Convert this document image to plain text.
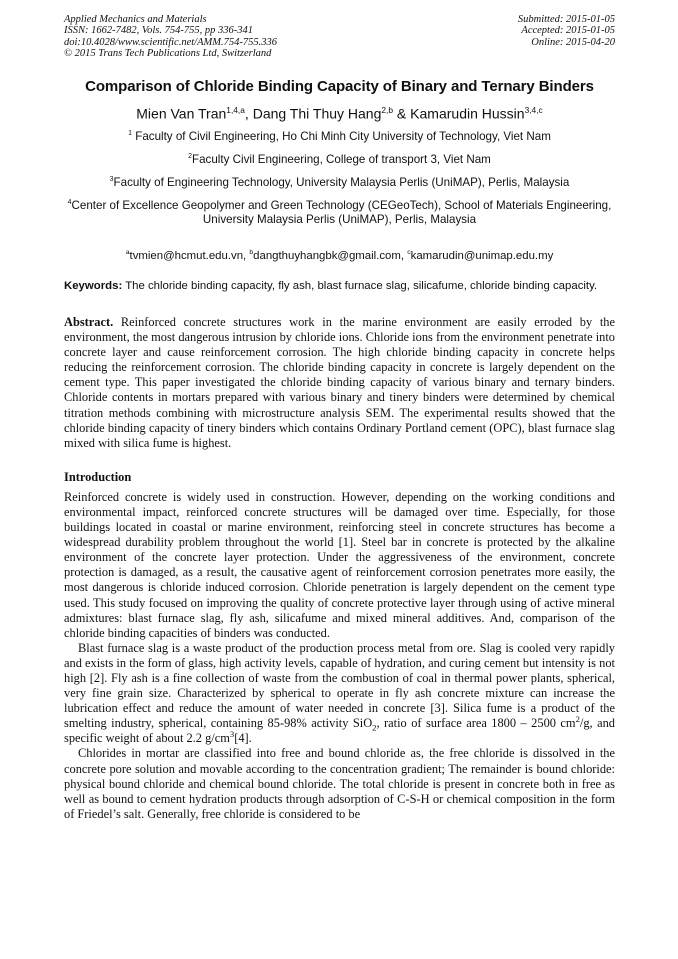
Applied Mechanics and Materials
ISSN: 1662-7482, Vols. 754-755, pp 336-341
doi:10.4028/www.scientific.net/AMM.754-755.336
© 2015 Trans Tech Publications Ltd, Switzerland
Submitted: 2015-01-05
Accepted: 2015-01-05
Online: 2015-04-20
Comparison of Chloride Binding Capacity of Binary and Ternary Binders
Mien Van Tran$^{1,4,a}$, Dang Thi Thuy Hang$^{2,b}$ & Kamarudin Hussin$^{3,4,c}$
$^1$ Faculty of Civil Engineering, Ho Chi Minh City University of Technology, Viet Nam
$^2$Faculty Civil Engineering, College of transport 3, Viet Nam
$^3$Faculty of Engineering Technology, University Malaysia Perlis (UniMAP), Perlis, Malaysia
$^4$Center of Excellence Geopolymer and Green Technology (CEGeoTech), School of Materials Engineering, University Malaysia Perlis (UniMAP), Perlis, Malaysia
$^a$tvmien@hcmut.edu.vn, $^b$dangthuyhangbk@gmail.com, $^c$kamarudin@unimap.edu.my
Keywords: The chloride binding capacity, fly ash, blast furnace slag, silicafume, chloride binding capacity.
Abstract. Reinforced concrete structures work in the marine environment are easily erroded by the environment, the most dangerous intrusion by chloride ions. Chloride ions from the environment penetrate into concrete layer and cause reinforcement corrosion. The high chloride binding capacity in concrete helps reducing the reinforcement corrosion. The chloride binding capacity in concrete is largely dependent on the cement type. This paper investigated the chloride binding capacity of various binary and ternary binders. Chloride contents in mortars prepared with various binary and tinery binders were determined by chemical titration methods combining with microstructure analysis SEM. The experimental results showed that the chloride binding capacity of tinery binders which contains Ordinary Portland cement (OPC), blast furnace slag mixed with silica fume is highest.
Introduction
Reinforced concrete is widely used in construction. However, depending on the working conditions and environmental impact, reinforced concrete structures will be damaged over time. Especially, for those buildings located in coastal or marine environment, reinforcing steel in concrete structures has become a widespread durability problem throughout the world [1]. Steel bar in concrete is protected by the alkaline environment of the concrete layer protection. Under the aggressiveness of the environment, concrete protection is damaged, as a result, the causative agent of reinforcement corrosion penetrates more easily, the most dangerous is chloride induced corrosion. Chloride penetration is largely dependent on the cement type used. This study focused on improving the quality of concrete protective layer through using of active mineral admixtures: blast furnace slag, fly ash, silicafume and mixed mineral additives. And, comparison of the chloride binding capacities of binders was conducted.
Blast furnace slag is a waste product of the production process metal from ore. Slag is cooled very rapidly and exists in the form of glass, high activity levels, capable of hydration, and curing cement but intensity is not high [2]. Fly ash is a fine collection of waste from the combustion of coal in thermal power plants, spherical, very fine grain size. Characterized by spherical to operate in fly ash concrete mixture can increase the lubrication effect and reduce the amount of water needed in concrete [3]. Silica fume is a product of the smelting industry, spherical, containing 85-98% activity SiO$_2$, ratio of surface area 1800 – 2500 $cm^2/g$, and specific weight of about 2.2 $g/cm^3[4]$.
Chlorides in mortar are classified into free and bound chloride as, the free chloride is dissolved in the concrete pore solution and movable according to the concentration gradient; The remainder is bound chloride: physical bound chloride and chemical bound chloride. The total chloride is present in concrete both in free as well as bound to cement hydration products through adsorption of C-S-H or chemical composition in the form of Friedel’s salt. Generally, free chloride is considered to be
